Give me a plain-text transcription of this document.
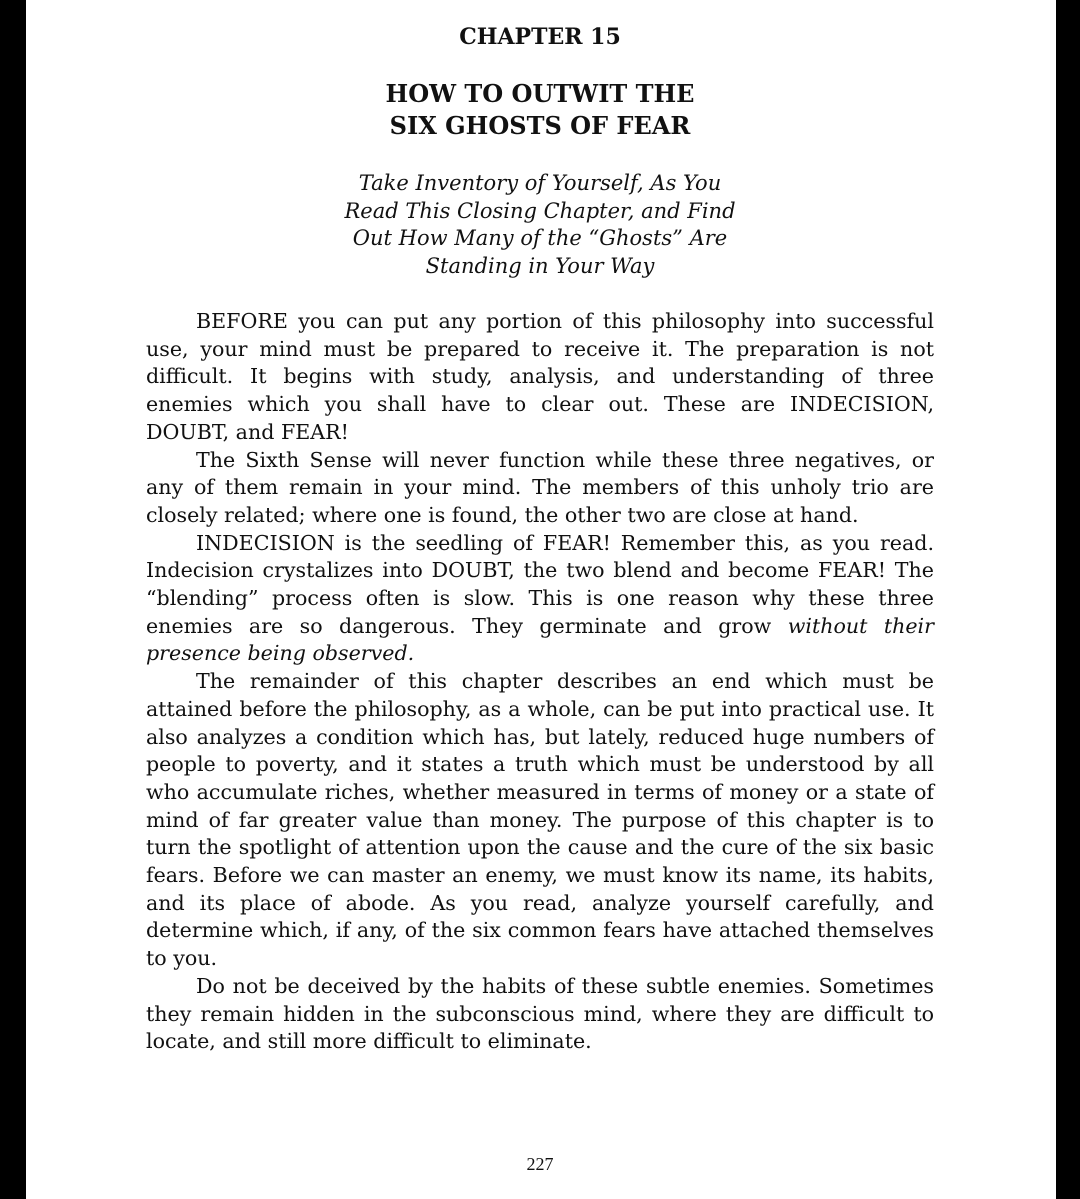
CHAPTER 15
HOW TO OUTWIT THE
SIX GHOSTS OF FEAR
Take Inventory of Yourself, As You
Read This Closing Chapter, and Find
Out How Many of the “Ghosts” Are
Standing in Your Way

BEFORE you can put any portion of this philosophy into successful use, your mind must be prepared to receive it. The preparation is not difficult. It begins with study, analysis, and understanding of three enemies which you shall have to clear out. These are INDECISION, DOUBT, and FEAR!

The Sixth Sense will never function while these three negatives, or any of them remain in your mind. The members of this unholy trio are closely related; where one is found, the other two are close at hand.

INDECISION is the seedling of FEAR! Remember this, as you read. Indecision crystalizes into DOUBT, the two blend and become FEAR! The “blending” process often is slow. This is one reason why these three enemies are so dangerous. They germinate and grow without their presence being observed.

The remainder of this chapter describes an end which must be attained before the philosophy, as a whole, can be put into practical use. It also analyzes a condition which has, but lately, reduced huge numbers of people to poverty, and it states a truth which must be understood by all who accumulate riches, whether measured in terms of money or a state of mind of far greater value than money. The purpose of this chapter is to turn the spotlight of attention upon the cause and the cure of the six basic fears. Before we can master an enemy, we must know its name, its habits, and its place of abode. As you read, analyze yourself carefully, and determine which, if any, of the six common fears have attached themselves to you.

Do not be deceived by the habits of these subtle enemies. Sometimes they remain hidden in the subconscious mind, where they are difficult to locate, and still more difficult to eliminate.

227
